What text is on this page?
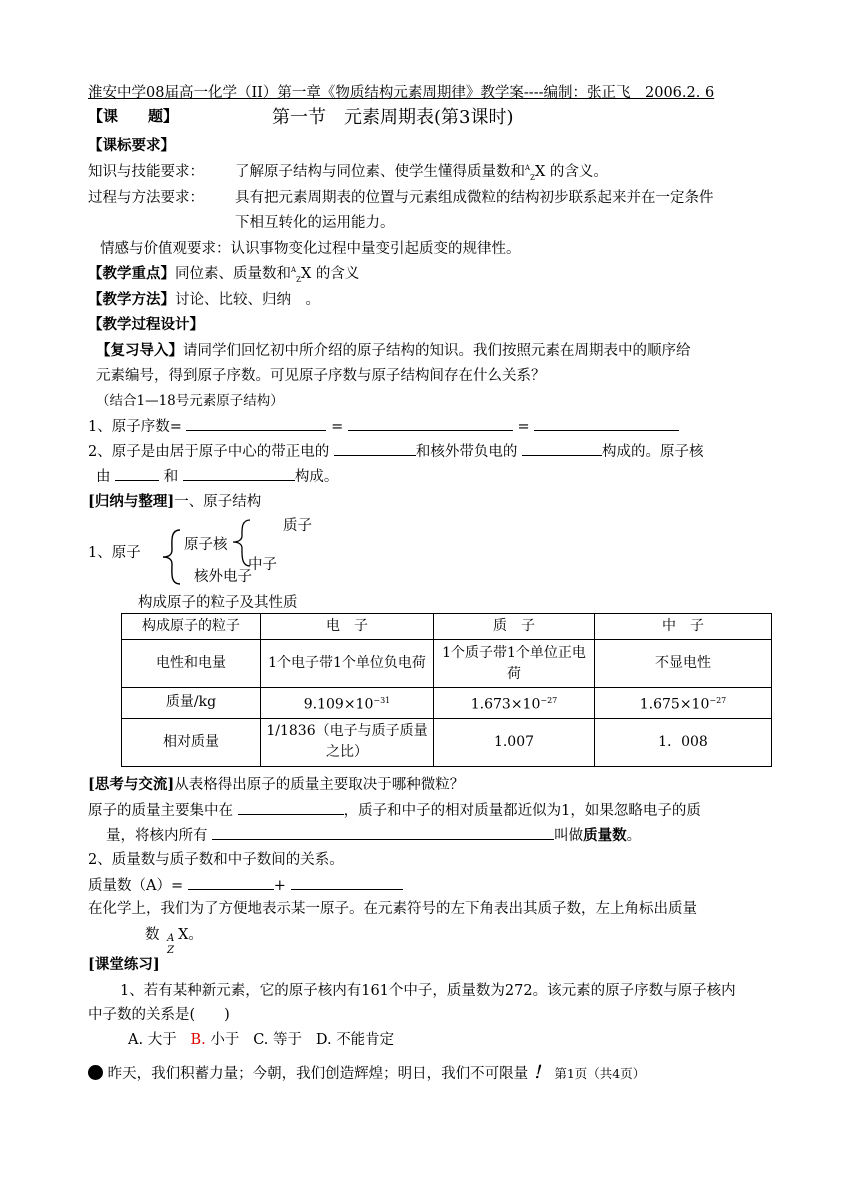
淮安中学08届高一化学（II）第一章《物质结构元素周期律》教学案----编制：张正飞　2006.2. 6
【课　　题】	第一节　元素周期表(第3课时)
【课标要求】
知识与技能要求： 了解原子结构与同位素、使学生懂得质量数和$^A_Z$X 的含义。
过程与方法要求： 具有把元素周期表的位置与元素组成微粒的结构初步联系起来并在一定条件
下相互转化的运用能力。
情感与价值观要求：认识事物变化过程中量变引起质变的规律性。
【教学重点】同位素、质量数和$^A_Z$X 的含义
【教学方法】讨论、比较、归纳　。
【教学过程设计】
【复习导入】请同学们回忆初中所介绍的原子结构的知识。我们按照元素在周期表中的顺序给
元素编号，得到原子序数。可见原子序数与原子结构间存在什么关系？
（结合1—18号元素原子结构）
1、原子序数=	=	=
2、原子是由居于原子中心的带正电的	和核外带负电的	构成的。原子核
由	和	构成。
[归纳与整理]一、原子结构
1、原子	原子核
质子
中子
核外电子
构成原子的粒子及其性质
构成原子的粒子	电　子	质　子	中　子
电性和电量	1个电子带1个单位负电荷	1个质子带1个单位正电荷	不显电性
质量/kg	$9.109\times 10^{-31}$	$1.673\times 10^{-27}$	$1.675\times 10^{-27}$
相对质量	1/1836（电子与质子质量之比）	1.007	1．008
[思考与交流]从表格得出原子的质量主要取决于哪种微粒？
原子的质量主要集中在	，质子和中子的相对质量都近似为1，如果忽略电子的质
量，将核内所有	叫做质量数。
2、质量数与质子数和中子数间的关系。
质量数（A）=	+
在化学上，我们为了方便地表示某一原子。在元素符号的左下角表出其质子数，左上角标出质量
数 A
Z
X。
[课堂练习]
1、若有某种新元素，它的原子核内有161个中子，质量数为272。该元素的原子序数与原子核内
中子数的关系是(　　)
A. 大于 B. 小于 C. 等于 D. 不能肯定
昨天，我们积蓄力量；今朝，我们创造辉煌；明日，我们不可限量 ！ 第1页（共4页）
